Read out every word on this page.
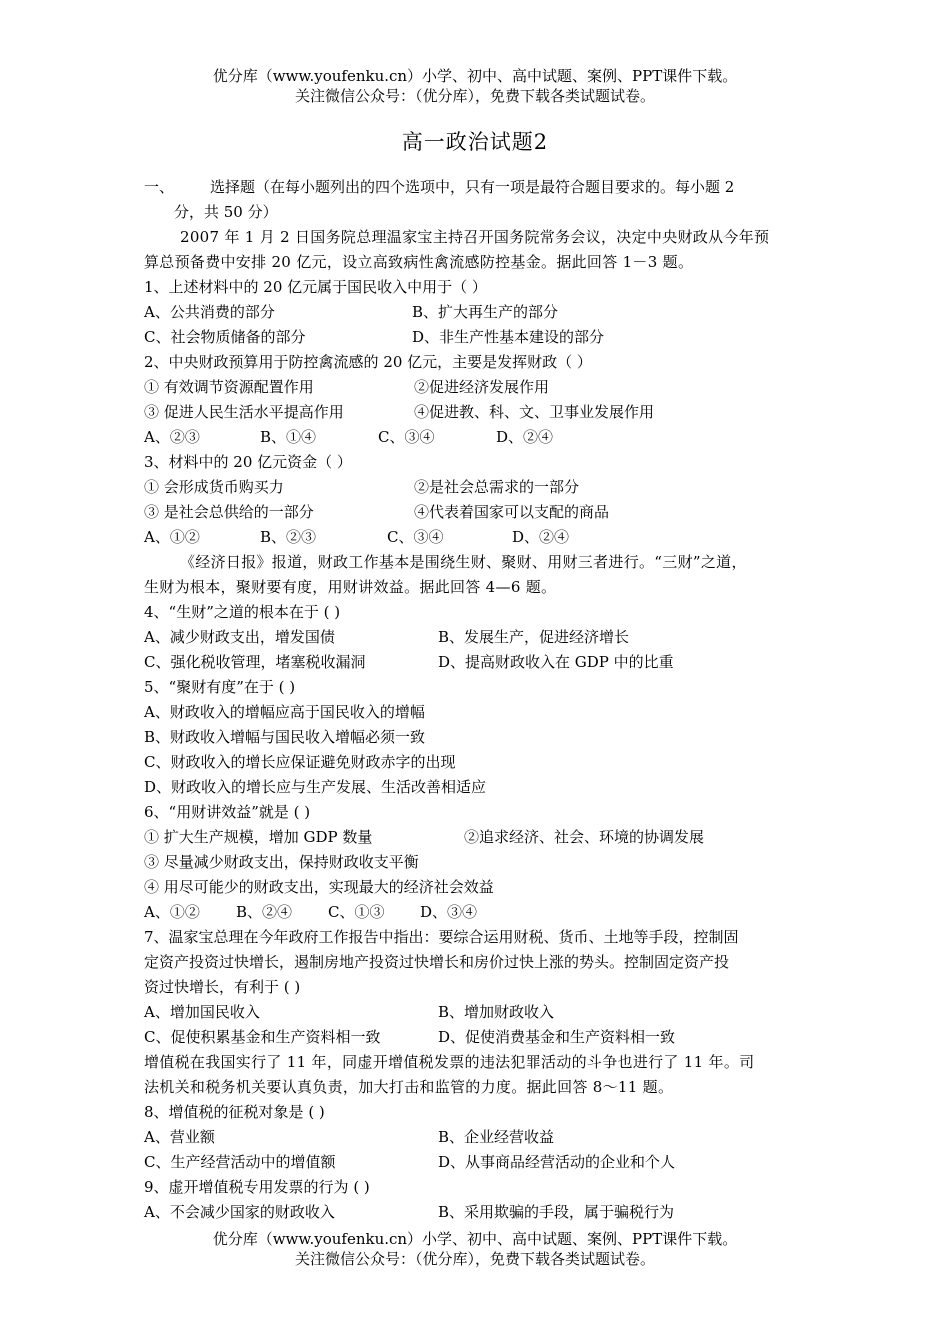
优分库（www.youfenku.cn）小学、初中、高中试题、案例、PPT课件下载。
关注微信公众号：（优分库），免费下载各类试题试卷。
高一政治试题2
一、 选择题（在每小题列出的四个选项中，只有一项是最符合题目要求的。每小题 2
分，共 50 分）
2007 年 1 月 2 日国务院总理温家宝主持召开国务院常务会议，决定中央财政从今年预
算总预备费中安排 20 亿元，设立高致病性禽流感防控基金。据此回答 1－3 题。
1、上述材料中的 20 亿元属于国民收入中用于（ ）
A、公共消费的部分	B、扩大再生产的部分
C、社会物质储备的部分	D、非生产性基本建设的部分
2、中央财政预算用于防控禽流感的 20 亿元，主要是发挥财政（ ）
① 有效调节资源配置作用	②促进经济发展作用
③ 促进人民生活水平提高作用	④促进教、科、文、卫事业发展作用
A、②③	B、①④	C、③④	D、②④
3、材料中的 20 亿元资金（ ）
① 会形成货币购买力	②是社会总需求的一部分
③ 是社会总供给的一部分	④代表着国家可以支配的商品
A、①②	B、②③	C、③④	D、②④
《经济日报》报道，财政工作基本是围绕生财、聚财、用财三者进行。“三财”之道，
生财为根本，聚财要有度，用财讲效益。据此回答 4—6 题。
4、“生财”之道的根本在于 ( )
A、减少财政支出，增发国债	B、发展生产，促进经济增长
C、强化税收管理，堵塞税收漏洞	D、提高财政收入在 GDP 中的比重
5、“聚财有度”在于 ( )
A、财政收入的增幅应高于国民收入的增幅
B、财政收入增幅与国民收入增幅必须一致
C、财政收入的增长应保证避免财政赤字的出现
D、财政收入的增长应与生产发展、生活改善相适应
6、“用财讲效益”就是 ( )
① 扩大生产规模，增加 GDP 数量	②追求经济、社会、环境的协调发展
③ 尽量减少财政支出，保持财政收支平衡
④ 用尽可能少的财政支出，实现最大的经济社会效益
A、①② B、②④ C、①③ D、③④
7、温家宝总理在今年政府工作报告中指出：要综合运用财税、货币、土地等手段，控制固
定资产投资过快增长，遏制房地产投资过快增长和房价过快上涨的势头。控制固定资产投
资过快增长，有利于 ( )
A、增加国民收入	B、增加财政收入
C、促使积累基金和生产资料相一致	D、促使消费基金和生产资料相一致
增值税在我国实行了 11 年，同虚开增值税发票的违法犯罪活动的斗争也进行了 11 年。司
法机关和税务机关要认真负责，加大打击和监管的力度。据此回答 8～11 题。
8、增值税的征税对象是 ( )
A、营业额	B、企业经营收益
C、生产经营活动中的增值额	D、从事商品经营活动的企业和个人
9、虚开增值税专用发票的行为 ( )
A、不会减少国家的财政收入	B、采用欺骗的手段，属于骗税行为
优分库（www.youfenku.cn）小学、初中、高中试题、案例、PPT课件下载。
关注微信公众号：（优分库），免费下载各类试题试卷。
